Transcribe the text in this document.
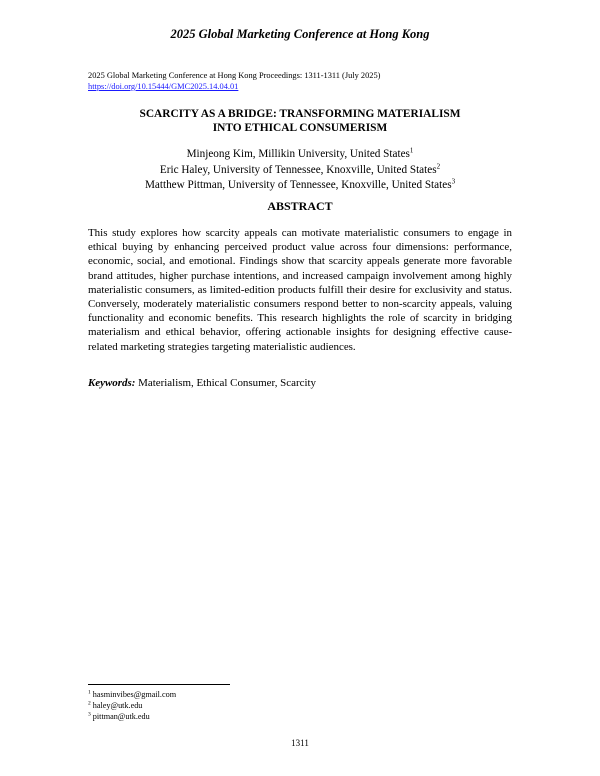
2025 Global Marketing Conference at Hong Kong
2025 Global Marketing Conference at Hong Kong Proceedings: 1311-1311 (July 2025)
https://doi.org/10.15444/GMC2025.14.04.01
SCARCITY AS A BRIDGE: TRANSFORMING MATERIALISM
INTO ETHICAL CONSUMERISM
Minjeong Kim, Millikin University, United States$^1$
Eric Haley, University of Tennessee, Knoxville, United States$^2$
Matthew Pittman, University of Tennessee, Knoxville, United States$^3$
ABSTRACT
This study explores how scarcity appeals can motivate materialistic consumers to engage in ethical buying by enhancing perceived product value across four dimensions: performance, economic, social, and emotional. Findings show that scarcity appeals generate more favorable brand attitudes, higher purchase intentions, and increased campaign involvement among highly materialistic consumers, as limited-edition products fulfill their desire for exclusivity and status. Conversely, moderately materialistic consumers respond better to non-scarcity appeals, valuing functionality and economic benefits. This research highlights the role of scarcity in bridging materialism and ethical behavior, offering actionable insights for designing effective cause-related marketing strategies targeting materialistic audiences.
Keywords: Materialism, Ethical Consumer, Scarcity
$^1$ hasminvibes@gmail.com
$^2$ haley@utk.edu
$^3$ pittman@utk.edu
1311
